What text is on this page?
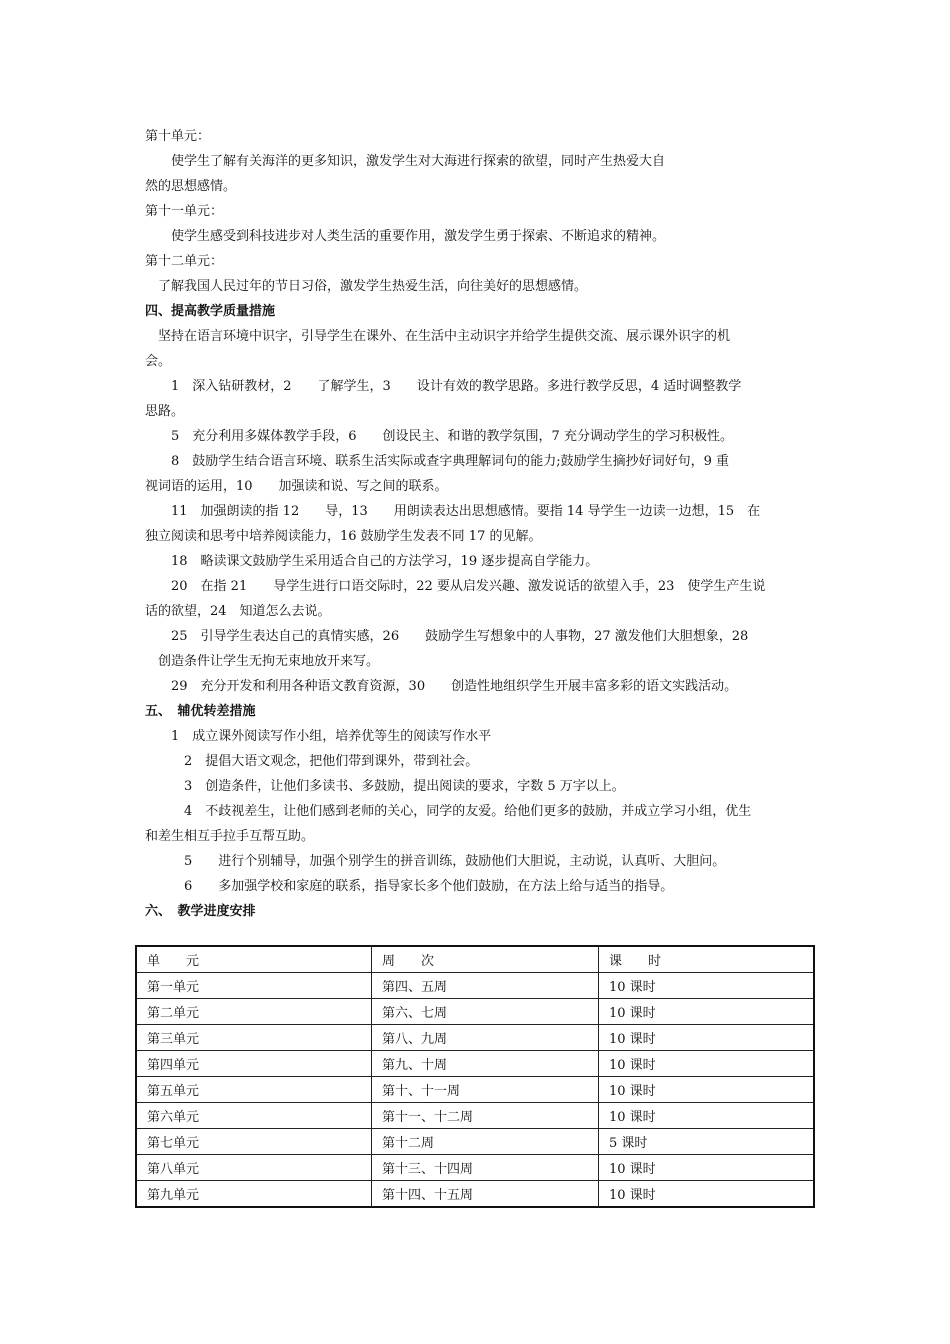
第十单元：
　　使学生了解有关海洋的更多知识，激发学生对大海进行探索的欲望，同时产生热爱大自
然的思想感情。
第十一单元：
　　使学生感受到科技进步对人类生活的重要作用，激发学生勇于探索、不断追求的精神。
第十二单元：
　了解我国人民过年的节日习俗，激发学生热爱生活，向往美好的思想感情。
四、提高教学质量措施
　坚持在语言环境中识字，引导学生在课外、在生活中主动识字并给学生提供交流、展示课外识字的机
会。
　　1　深入钻研教材，2　　了解学生，3　　设计有效的教学思路。多进行教学反思，4 适时调整教学
思路。
　　5　充分利用多媒体教学手段，6　　创设民主、和谐的教学氛围，7 充分调动学生的学习积极性。
　　8　鼓励学生结合语言环境、联系生活实际或查字典理解词句的能力;鼓励学生摘抄好词好句，9 重
视词语的运用，10　　加强读和说、写之间的联系。
　　11　加强朗读的指 12　　导，13　　用朗读表达出思想感情。要指 14 导学生一边读一边想，15　在
独立阅读和思考中培养阅读能力，16 鼓励学生发表不同 17 的见解。
　　18　略读课文鼓励学生采用适合自己的方法学习，19 逐步提高自学能力。
　　20　在指 21　　导学生进行口语交际时，22 要从启发兴趣、激发说话的欲望入手，23　使学生产生说
话的欲望，24　知道怎么去说。
　　25　引导学生表达自己的真情实感，26　　鼓励学生写想象中的人事物，27 激发他们大胆想象，28
　创造条件让学生无拘无束地放开来写。
　　29　充分开发和利用各种语文教育资源，30　　创造性地组织学生开展丰富多彩的语文实践活动。
五、　辅优转差措施
　　1　成立课外阅读写作小组，培养优等生的阅读写作水平
　　　2　提倡大语文观念，把他们带到课外，带到社会。
　　　3　创造条件，让他们多读书、多鼓励，提出阅读的要求，字数 5 万字以上。
　　　4　不歧视差生，让他们感到老师的关心，同学的友爱。给他们更多的鼓励，并成立学习小组，优生
和差生相互手拉手互帮互助。
　　　5　　进行个别辅导，加强个别学生的拼音训练，鼓励他们大胆说，主动说，认真听、大胆问。
　　　6　　多加强学校和家庭的联系，指导家长多个他们鼓励，在方法上给与适当的指导。
六、　教学进度安排
单　　元	周　　次	课　　时
第一单元	第四、五周	10 课时
第二单元	第六、七周	10 课时
第三单元	第八、九周	10 课时
第四单元	第九、十周	10 课时
第五单元	第十、十一周	10 课时
第六单元	第十一、十二周	10 课时
第七单元	第十二周	5 课时
第八单元	第十三、十四周	10 课时
第九单元	第十四、十五周	10 课时
